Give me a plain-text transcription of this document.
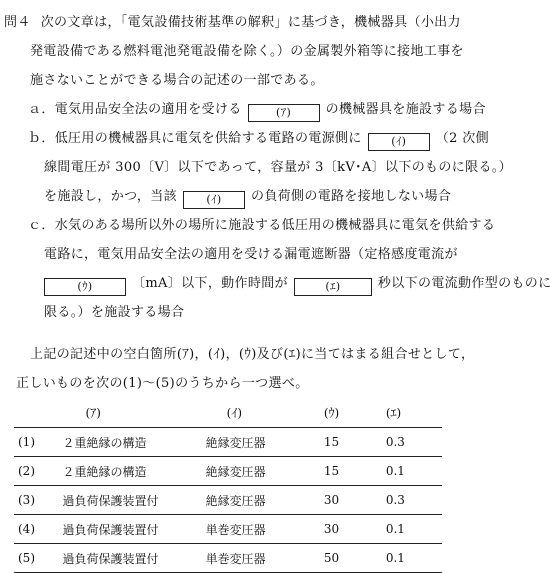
問４ 次の文章は，「電気設備技術基準の解釈」に基づき，機械器具（小出力
発電設備である燃料電池発電設備を除く。）の金属製外箱等に接地工事を
施さないことができる場合の記述の一部である。
ａ．電気用品安全法の適用を受ける	(ｱ)	の機械器具を施設する場合
ｂ．低圧用の機械器具に電気を供給する電路の電源側に	(ｲ) （2 次側
線間電圧が 300〔V〕以下であって，容量が 3〔kV･A〕以下のものに限る。）
を施設し，かつ，当該	(ｲ) の負荷側の電路を接地しない場合
ｃ．水気のある場所以外の場所に施設する低圧用の機械器具に電気を供給する
電路に，電気用品安全法の適用を受ける漏電遮断器（定格感度電流が
(ｳ)	〔mA〕以下，動作時間が	(ｴ)	秒以下の電流動作型のものに
限る。）を施設する場合
上記の記述中の空白箇所(ｱ)，(ｲ)，(ｳ)及び(ｴ)に当てはまる組合せとして，
正しいものを次の(1)～(5)のうちから一つ選べ。
	(ｱ)	(ｲ)	(ｳ)	(ｴ)
(1)	２重絶縁の構造	絶縁変圧器	15	0.3
(2)	２重絶縁の構造	絶縁変圧器	15	0.1
(3)	過負荷保護装置付	絶縁変圧器	30	0.3
(4)	過負荷保護装置付	単巻変圧器	30	0.1
(5)	過負荷保護装置付	単巻変圧器	50	0.1
